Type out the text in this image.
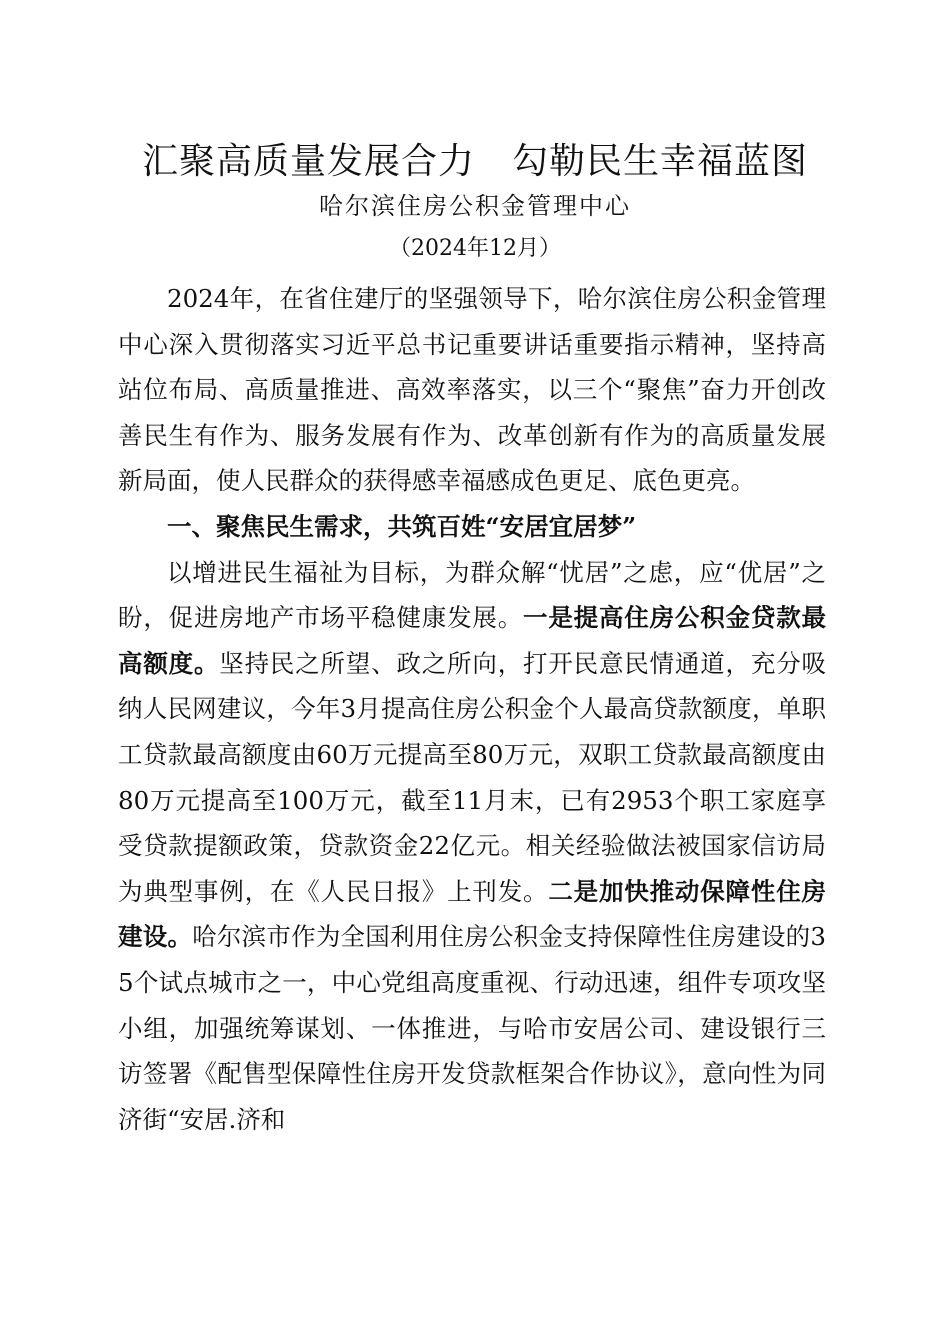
汇聚高质量发展合力　勾勒民生幸福蓝图
哈尔滨住房公积金管理中心
（2024年12月）

2024年，在省住建厅的坚强领导下，哈尔滨住房公积金管理中心深入贯彻落实习近平总书记重要讲话重要指示精神，坚持高站位布局、高质量推进、高效率落实，以三个“聚焦”奋力开创改善民生有作为、服务发展有作为、改革创新有作为的高质量发展新局面，使人民群众的获得感幸福感成色更足、底色更亮。

一、聚焦民生需求，共筑百姓“安居宜居梦”

以增进民生福祉为目标，为群众解“忧居”之虑，应“优居”之盼，促进房地产市场平稳健康发展。一是提高住房公积金贷款最高额度。坚持民之所望、政之所向，打开民意民情通道，充分吸纳人民网建议，今年3月提高住房公积金个人最高贷款额度，单职工贷款最高额度由60万元提高至80万元，双职工贷款最高额度由80万元提高至100万元，截至11月末，已有2953个职工家庭享受贷款提额政策，贷款资金22亿元。相关经验做法被国家信访局为典型事例，在《人民日报》上刊发。二是加快推动保障性住房建设。哈尔滨市作为全国利用住房公积金支持保障性住房建设的35个试点城市之一，中心党组高度重视、行动迅速，组件专项攻坚小组，加强统筹谋划、一体推进，与哈市安居公司、建设银行三访签署《配售型保障性住房开发贷款框架合作协议》，意向性为同济街“安居.济和
